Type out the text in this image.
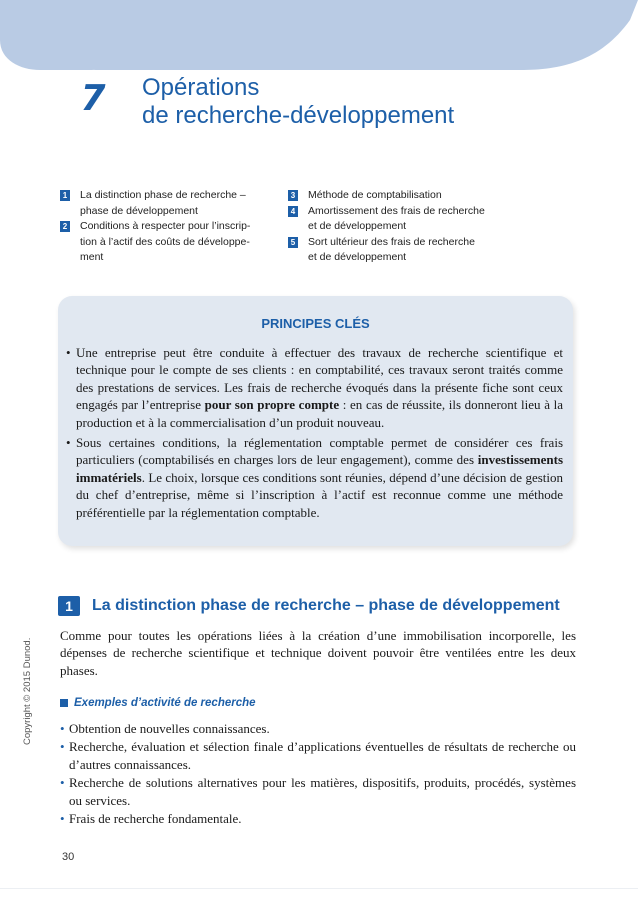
7 Opérations
de recherche-développement
1 La distinction phase de recherche –
phase de développement
2 Conditions à respecter pour l’inscrip-
tion à l’actif des coûts de développe-
ment
3 Méthode de comptabilisation
4 Amortissement des frais de recherche
et de développement
5 Sort ultérieur des frais de recherche
et de développement
PRINCIPES CLÉS
• Une entreprise peut être conduite à effectuer des travaux de recherche scientifique et technique pour le compte de ses clients : en comptabilité, ces travaux seront traités comme des prestations de services. Les frais de recherche évoqués dans la présente fiche sont ceux engagés par l’entreprise pour son propre compte : en cas de réussite, ils donneront lieu à la production et à la commercialisation d’un produit nouveau.
• Sous certaines conditions, la réglementation comptable permet de considérer ces frais particuliers (comptabilisés en charges lors de leur engagement), comme des investissements immatériels. Le choix, lorsque ces conditions sont réunies, dépend d’une décision de gestion du chef d’entreprise, même si l’inscription à l’actif est reconnue comme une méthode préférentielle par la réglementation comptable.
Copyright © 2015 Dunod.
1	La distinction phase de recherche – phase de développement
Comme pour toutes les opérations liées à la création d’une immobilisation incorporelle, les dépenses de recherche scientifique et technique doivent pouvoir être ventilées entre les deux phases.
Exemples d’activité de recherche
• Obtention de nouvelles connaissances.
• Recherche, évaluation et sélection finale d’applications éventuelles de résultats de recherche ou d’autres connaissances.
• Recherche de solutions alternatives pour les matières, dispositifs, produits, procédés, systèmes ou services.
• Frais de recherche fondamentale.
30
